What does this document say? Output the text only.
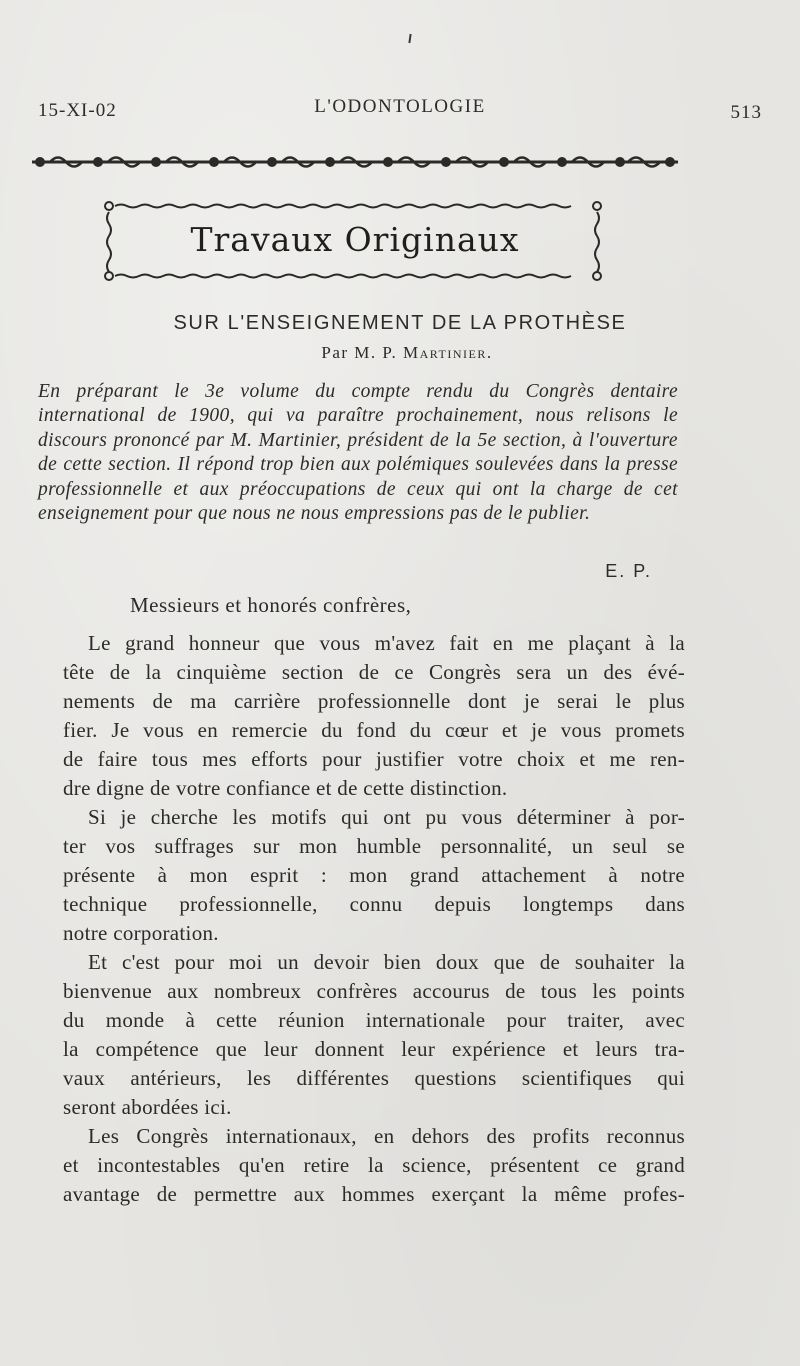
15-XI-02	L'ODONTOLOGIE	513
Travaux Originaux
SUR L'ENSEIGNEMENT DE LA PROTHÈSE
Par M. P. Martinier.
En préparant le 3e volume du compte rendu du Congrès dentaire international de 1900, qui va paraître prochainement, nous relisons le discours prononcé par M. Martinier, président de la 5e section, à l'ouverture de cette section. Il répond trop bien aux polémiques soulevées dans la presse professionnelle et aux préoccupations de ceux qui ont la charge de cet enseignement pour que nous ne nous empressions pas de le publier.
E. P.
Messieurs et honorés confrères,

Le grand honneur que vous m'avez fait en me plaçant à la
tête de la cinquième section de ce Congrès sera un des évé-
nements de ma carrière professionnelle dont je serai le plus
fier. Je vous en remercie du fond du cœur et je vous promets
de faire tous mes efforts pour justifier votre choix et me ren-
dre digne de votre confiance et de cette distinction.

Si je cherche les motifs qui ont pu vous déterminer à por-
ter vos suffrages sur mon humble personnalité, un seul se
présente à mon esprit : mon grand attachement à notre
technique professionnelle, connu depuis longtemps dans
notre corporation.

Et c'est pour moi un devoir bien doux que de souhaiter la
bienvenue aux nombreux confrères accourus de tous les points
du monde à cette réunion internationale pour traiter, avec
la compétence que leur donnent leur expérience et leurs tra-
vaux antérieurs, les différentes questions scientifiques qui
seront abordées ici.

Les Congrès internationaux, en dehors des profits reconnus
et incontestables qu'en retire la science, présentent ce grand
avantage de permettre aux hommes exerçant la même profes-
